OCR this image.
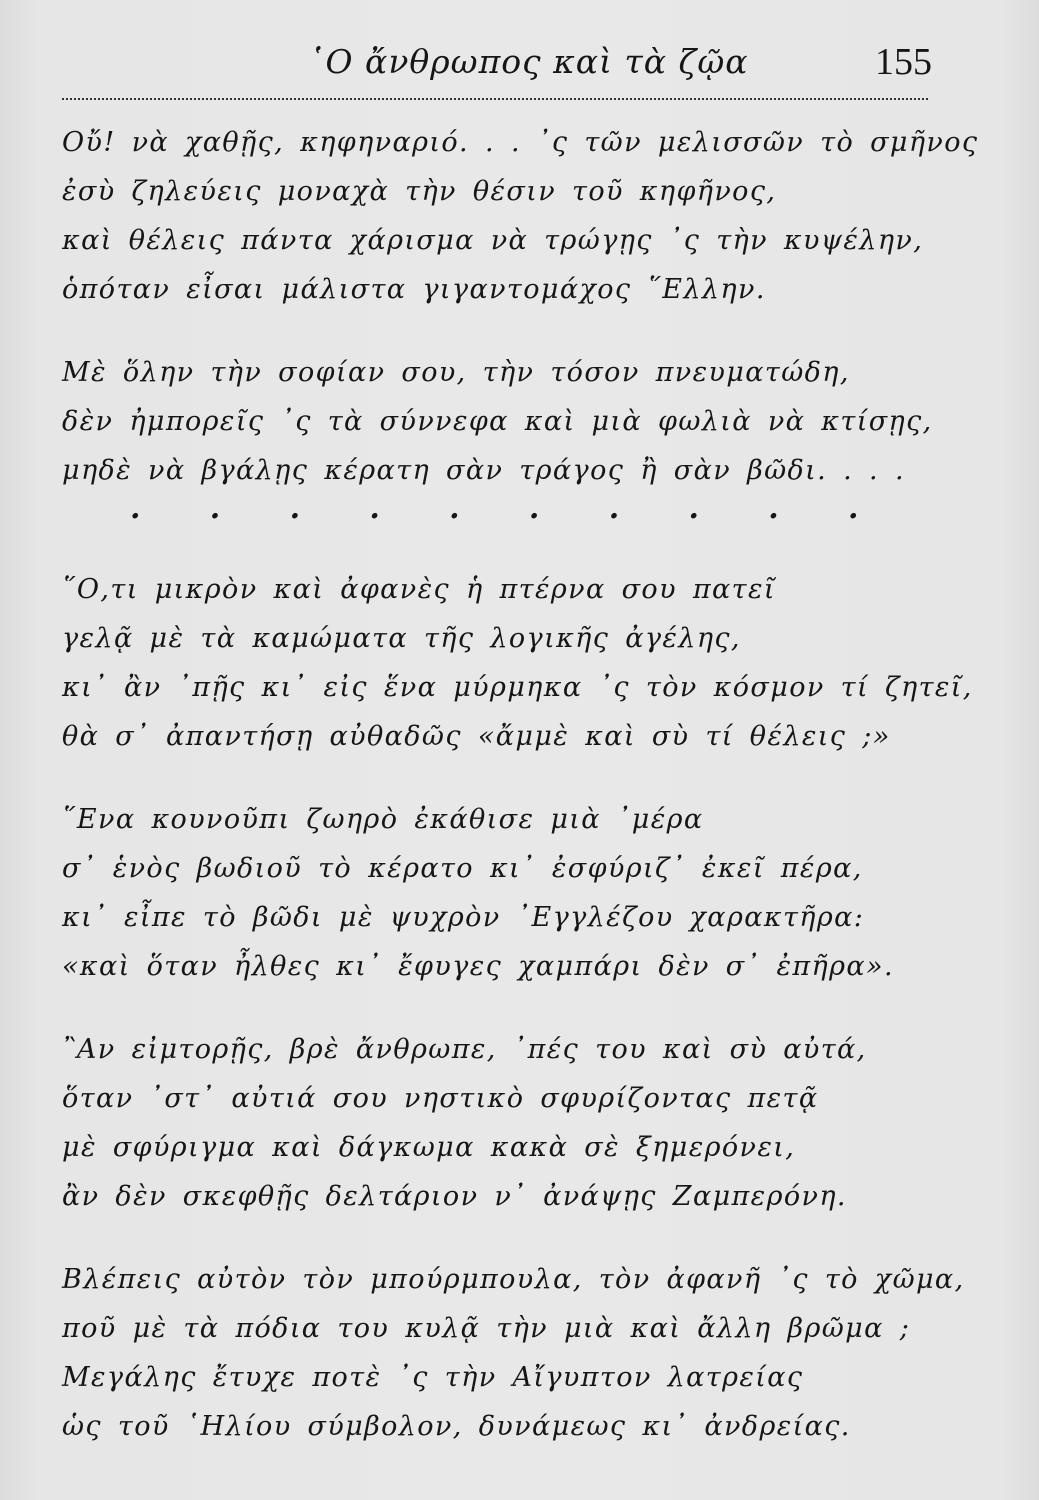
῾Ο ἄνθρωπος καὶ τὰ ζῷα	155
Οὔ! νὰ χαθῇς, κηφηναριό. . . ᾽ς τῶν μελισσῶν τὸ σμῆνος
ἐσὺ ζηλεύεις μοναχὰ τὴν θέσιν τοῦ κηφῆνος,
καὶ θέλεις πάντα χάρισμα νὰ τρώγῃς ᾽ς τὴν κυψέλην,
ὁπόταν εἶσαι μάλιστα γιγαντομάχος ῞Ελλην.
Μὲ ὅλην τὴν σοφίαν σου, τὴν τόσον πνευματώδη,
δὲν ἠμπορεῖς ᾽ς τὰ σύννεφα καὶ μιὰ φωλιὰ νὰ κτίσῃς,
μηδὲ νὰ βγάλῃς κέρατη σὰν τράγος ἢ σὰν βῶδι. . . .
. . . . . . . . . .
῞Ο,τι μικρὸν καὶ ἀφανὲς ἡ πτέρνα σου πατεῖ
γελᾷ μὲ τὰ καμώματα τῆς λογικῆς ἀγέλης,
κι᾽ ἂν ᾽πῇς κι᾽ εἰς ἕνα μύρμηκα ᾽ς τὸν κόσμον τί ζητεῖ,
θὰ σ᾽ ἀπαντήσῃ αὐθαδῶς «ἄμμὲ καὶ σὺ τί θέλεις ;»
῞Ενα κουνοῦπι ζωηρὸ ἐκάθισε μιὰ ᾽μέρα
σ᾽ ἑνὸς βωδιοῦ τὸ κέρατο κι᾽ ἐσφύριζ᾽ ἐκεῖ πέρα,
κι᾽ εἶπε τὸ βῶδι μὲ ψυχρὸν ᾽Εγγλέζου χαρακτῆρα:
«καὶ ὅταν ἦλθες κι᾽ ἔφυγες χαμπάρι δὲν σ᾽ ἐπῆρα».
῍Αν εἰμτορῇς, βρὲ ἄνθρωπε, ᾽πές του καὶ σὺ αὐτά,
ὅταν ᾽στ᾽ αὐτιά σου νηστικὸ σφυρίζοντας πετᾷ
μὲ σφύριγμα καὶ δάγκωμα κακὰ σὲ ξημερόνει,
ἂν δὲν σκεφθῇς δελτάριον ν᾽ ἀνάψῃς Ζαμπερόνη.
Βλέπεις αὐτὸν τὸν μπούρμπουλα, τὸν ἀφανῆ ᾽ς τὸ χῶμα,
ποῦ μὲ τὰ πόδια του κυλᾷ τὴν μιὰ καὶ ἄλλη βρῶμα ;
Μεγάλης ἔτυχε ποτὲ ᾽ς τὴν Αἴγυπτον λατρείας
ὡς τοῦ ῾Ηλίου σύμβολον, δυνάμεως κι᾽ ἀνδρείας.
